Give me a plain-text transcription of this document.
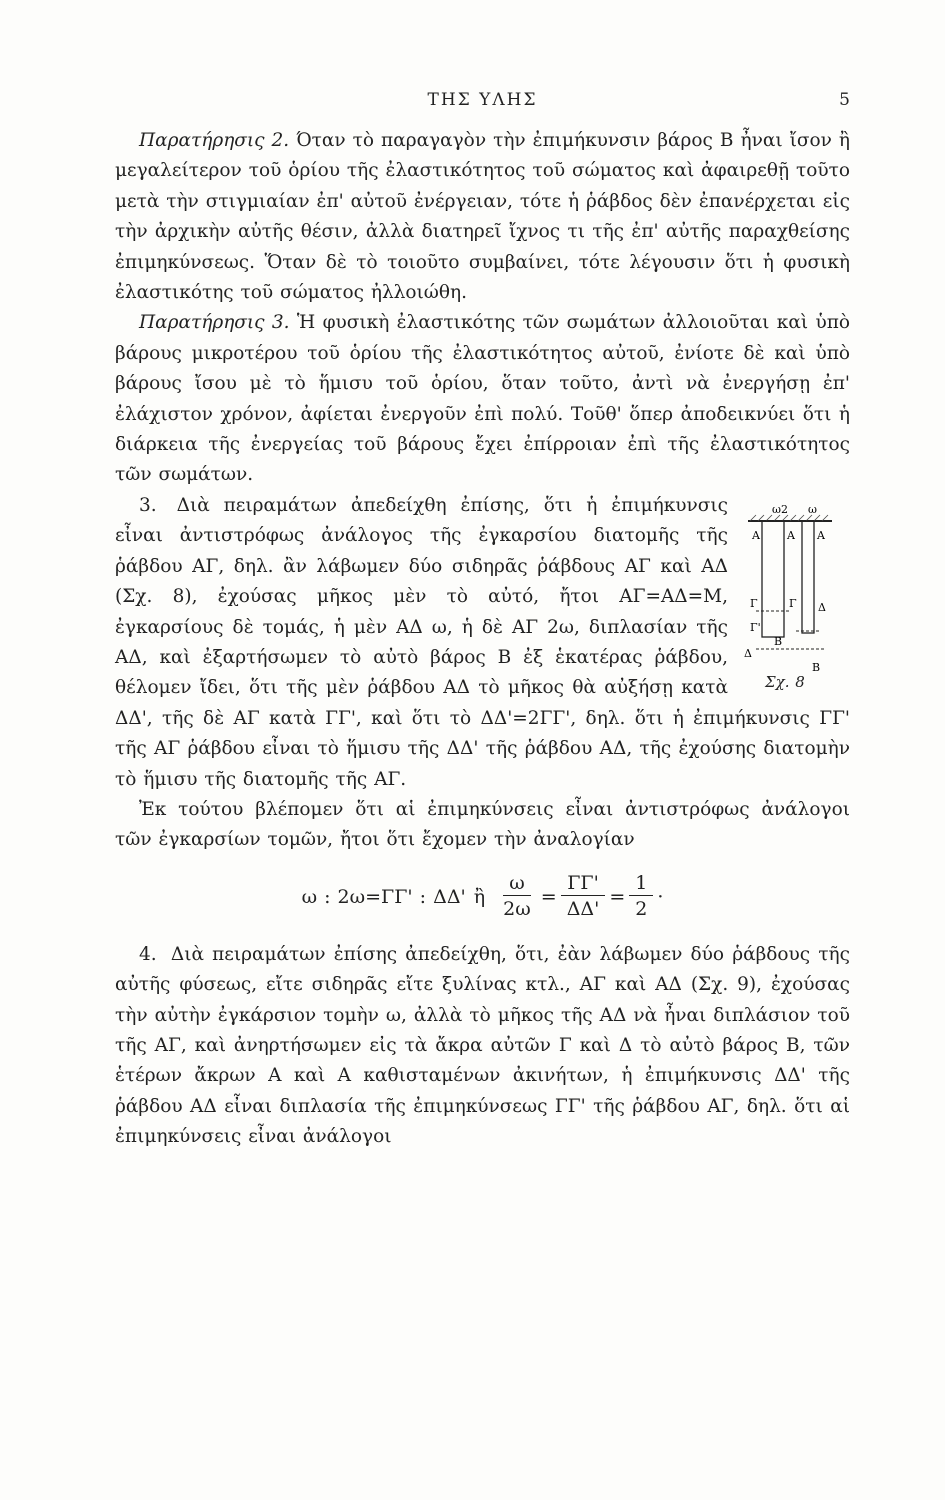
ΤΗΣ ΥΛΗΣ	5

Παρατήρησις 2. Όταν τὸ παραγαγὸν τὴν ἐπιμήκυνσιν βάρος Β ἦναι ἴσον ἢ μεγαλείτερον τοῦ ὁρίου τῆς ἐλαστικότητος τοῦ σώματος καὶ ἀφαιρεθῇ τοῦτο μετὰ τὴν στιγμιαίαν ἐπ' αὐτοῦ ἐνέργειαν, τότε ἡ ῥάβδος δὲν ἐπανέρχεται εἰς τὴν ἀρχικὴν αὐτῆς θέσιν, ἀλλὰ διατηρεῖ ἴχνος τι τῆς ἐπ' αὐτῆς παραχθείσης ἐπιμηκύνσεως. Ὅταν δὲ τὸ τοιοῦτο συμβαίνει, τότε λέγουσιν ὅτι ἡ φυσικὴ ἐλαστικότης τοῦ σώματος ἠλλοιώθη.

Παρατήρησις 3. Ἡ φυσικὴ ἐλαστικότης τῶν σωμάτων ἀλλοιοῦται καὶ ὑπὸ βάρους μικροτέρου τοῦ ὁρίου τῆς ἐλαστικότητος αὐτοῦ, ἐνίοτε δὲ καὶ ὑπὸ βάρους ἴσου μὲ τὸ ἥμισυ τοῦ ὁρίου, ὅταν τοῦτο, ἀντὶ νὰ ἐνεργήσῃ ἐπ' ἐλάχιστον χρόνον, ἀφίεται ἐνεργοῦν ἐπὶ πολύ. Τοῦθ' ὅπερ ἀποδεικνύει ὅτι ἡ διάρκεια τῆς ἐνεργείας τοῦ βάρους ἔχει ἐπίρροιαν ἐπὶ τῆς ἐλαστικότητος τῶν σωμάτων.

ω2 ω
Α Α Α
Γ	Γ
Γ'
Δ
Β
Δ
Β
Σχ. 8

3. Διὰ πειραμάτων ἀπεδείχθη ἐπίσης, ὅτι ἡ ἐπιμήκυνσις εἶναι ἀντιστρόφως ἀνάλογος τῆς ἐγκαρσίου διατομῆς τῆς ῥάβδου ΑΓ, δηλ. ἂν λάβωμεν δύο σιδηρᾶς ῥάβδους ΑΓ καὶ ΑΔ (Σχ. 8), ἐχούσας μῆκος μὲν τὸ αὐτό, ἤτοι ΑΓ=ΑΔ=Μ, ἐγκαρσίους δὲ τομάς, ἡ μὲν ΑΔ ω, ἡ δὲ ΑΓ 2ω, διπλασίαν τῆς ΑΔ, καὶ ἐξαρτήσωμεν τὸ αὐτὸ βάρος Β ἐξ ἑκατέρας ῥάβδου, θέλομεν ἴδει, ὅτι τῆς μὲν ῥάβδου ΑΔ τὸ μῆκος θὰ αὐξήσῃ κατὰ ΔΔ', τῆς δὲ ΑΓ κατὰ ΓΓ', καὶ ὅτι τὸ ΔΔ'=2ΓΓ', δηλ. ὅτι ἡ ἐπιμήκυνσις ΓΓ' τῆς ΑΓ ῥάβδου εἶναι τὸ ἥμισυ τῆς ΔΔ' τῆς ῥάβδου ΑΔ, τῆς ἐχούσης διατομὴν τὸ ἥμισυ τῆς διατομῆς τῆς ΑΓ.

Ἐκ τούτου βλέπομεν ὅτι αἱ ἐπιμηκύνσεις εἶναι ἀντιστρόφως ἀνάλογοι τῶν ἐγκαρσίων τομῶν, ἤτοι ὅτι ἔχομεν τὴν ἀναλογίαν

ω : 2ω=ΓΓ' : ΔΔ' ἢ $\frac{\omega}{2\omega} = \frac{\Gamma\Gamma'}{\Delta\Delta'} = \frac{1}{2}$ ·

4. Διὰ πειραμάτων ἐπίσης ἀπεδείχθη, ὅτι, ἐὰν λάβωμεν δύο ῥάβδους τῆς αὐτῆς φύσεως, εἴτε σιδηρᾶς εἴτε ξυλίνας κτλ., ΑΓ καὶ ΑΔ (Σχ. 9), ἐχούσας τὴν αὐτὴν ἐγκάρσιον τομὴν ω, ἀλλὰ τὸ μῆκος τῆς ΑΔ νὰ ἦναι διπλάσιον τοῦ τῆς ΑΓ, καὶ ἀνηρτήσωμεν εἰς τὰ ἄκρα αὐτῶν Γ καὶ Δ τὸ αὐτὸ βάρος Β, τῶν ἑτέρων ἄκρων Α καὶ Α καθισταμένων ἀκινήτων, ἡ ἐπιμήκυνσις ΔΔ' τῆς ῥάβδου ΑΔ εἶναι διπλασία τῆς ἐπιμηκύνσεως ΓΓ' τῆς ῥάβδου ΑΓ, δηλ. ὅτι αἱ ἐπιμηκύνσεις εἶναι ἀνάλογοι
